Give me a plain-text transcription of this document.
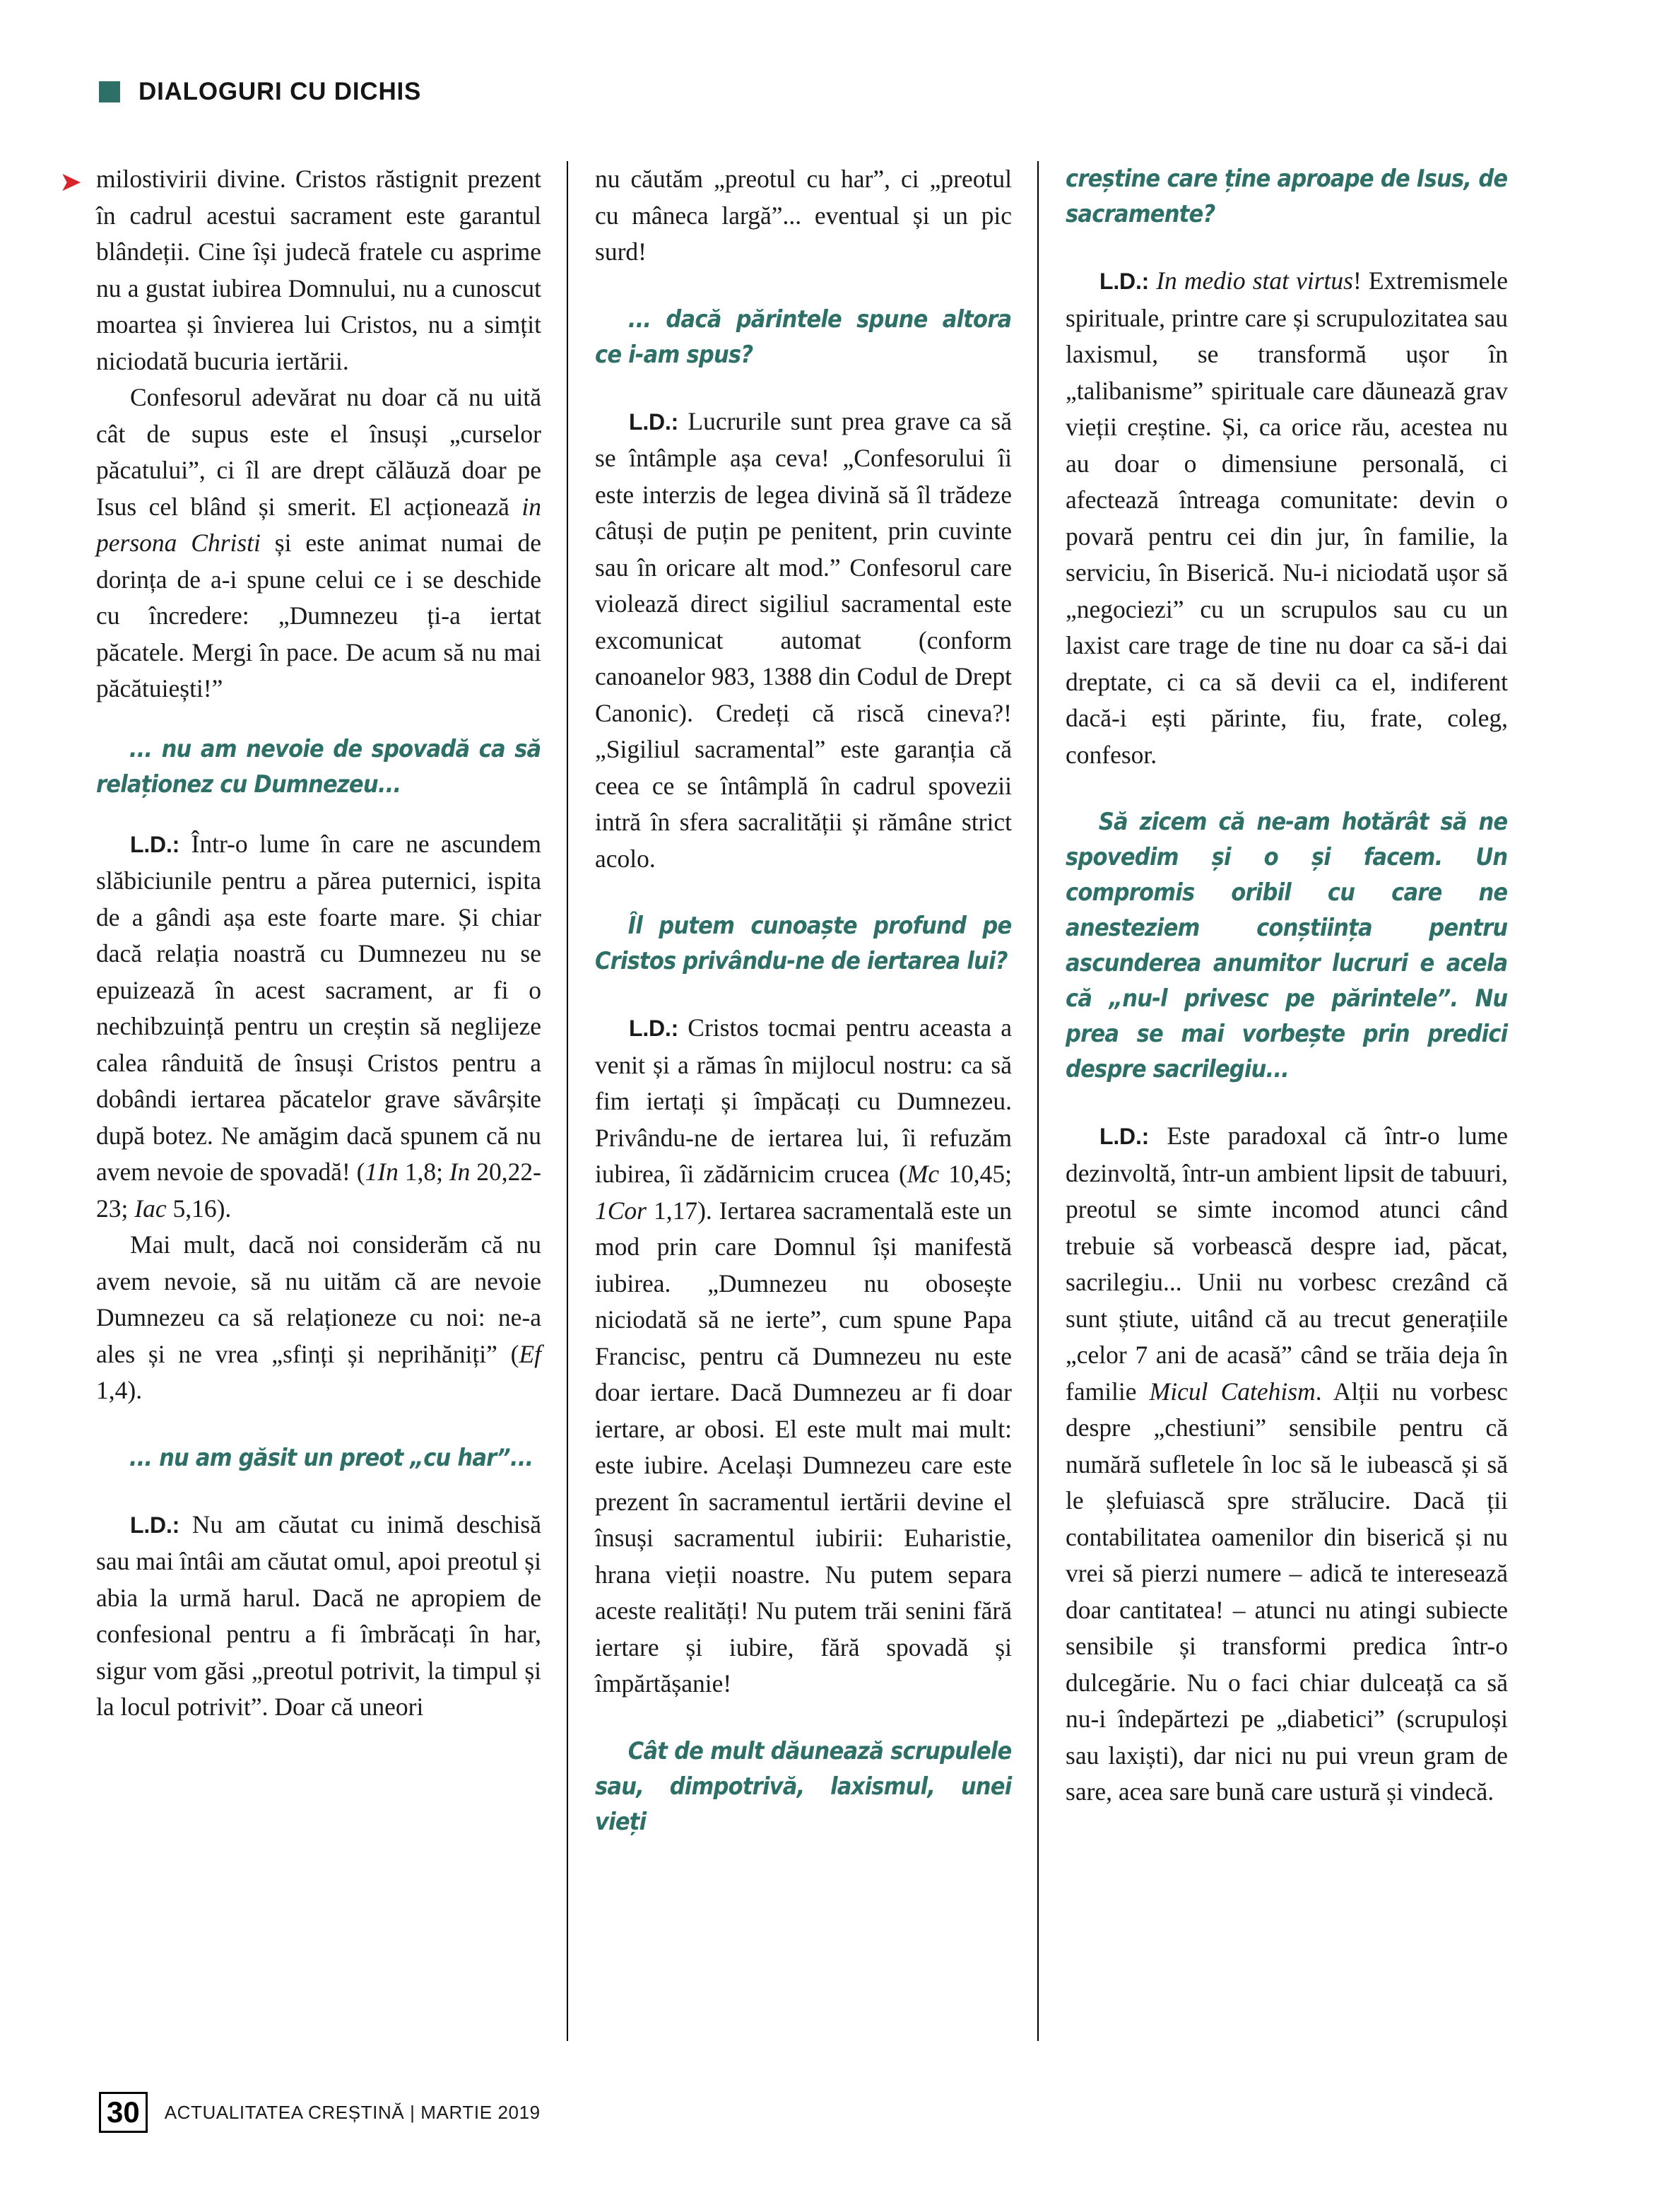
DIALOGURI CU DICHIS

➤ milostivirii divine. Cristos răstignit prezent în cadrul acestui sacrament este garantul blândeții. Cine își judecă fratele cu asprime nu a gustat iubirea Domnului, nu a cunoscut moartea și învierea lui Cristos, nu a simțit niciodată bucuria iertării.

Confesorul adevărat nu doar că nu uită cât de supus este el însuși „curselor păcatului”, ci îl are drept călăuză doar pe Isus cel blând și smerit. El acționează in persona Christi și este animat numai de dorința de a-i spune celui ce i se deschide cu încredere: „Dumnezeu ți-a iertat păcatele. Mergi în pace. De acum să nu mai păcătuiești!”

... nu am nevoie de spovadă ca să relaționez cu Dumnezeu...

L.D.: Într-o lume în care ne ascundem slăbiciunile pentru a părea puternici, ispita de a gândi așa este foarte mare. Și chiar dacă relația noastră cu Dumnezeu nu se epuizează în acest sacrament, ar fi o nechibzuință pentru un creștin să neglijeze calea rânduită de însuși Cristos pentru a dobândi iertarea păcatelor grave săvârșite după botez. Ne amăgim dacă spunem că nu avem nevoie de spovadă! (1In 1,8; In 20,22-23; Iac 5,16).

Mai mult, dacă noi considerăm că nu avem nevoie, să nu uităm că are nevoie Dumnezeu ca să relaționeze cu noi: ne-a ales și ne vrea „sfinți și neprihăniți” (Ef 1,4).

... nu am găsit un preot „cu har”...

L.D.: Nu am căutat cu inimă deschisă sau mai întâi am căutat omul, apoi preotul și abia la urmă harul. Dacă ne apropiem de confesional pentru a fi îmbrăcați în har, sigur vom găsi „preotul potrivit, la timpul și la locul potrivit”. Doar că uneori

nu căutăm „preotul cu har”, ci „preotul cu mâneca largă”... eventual și un pic surd!

... dacă părintele spune altora ce i-am spus?

L.D.: Lucrurile sunt prea grave ca să se întâmple așa ceva! „Confesorului îi este interzis de legea divină să îl trădeze câtuși de puțin pe penitent, prin cuvinte sau în oricare alt mod.” Confesorul care violează direct sigiliul sacramental este excomunicat automat (conform canoanelor 983, 1388 din Codul de Drept Canonic). Credeți că riscă cineva?! „Sigiliul sacramental” este garanția că ceea ce se întâmplă în cadrul spovezii intră în sfera sacralității și rămâne strict acolo.

Îl putem cunoaște profund pe Cristos privându-ne de iertarea lui?

L.D.: Cristos tocmai pentru aceasta a venit și a rămas în mijlocul nostru: ca să fim iertați și împăcați cu Dumnezeu. Privându-ne de iertarea lui, îi refuzăm iubirea, îi zădărnicim crucea (Mc 10,45; 1Cor 1,17). Iertarea sacramentală este un mod prin care Domnul își manifestă iubirea. „Dumnezeu nu obosește niciodată să ne ierte”, cum spune Papa Francisc, pentru că Dumnezeu nu este doar iertare. Dacă Dumnezeu ar fi doar iertare, ar obosi. El este mult mai mult: este iubire. Același Dumnezeu care este prezent în sacramentul iertării devine el însuși sacramentul iubirii: Euharistie, hrana vieții noastre. Nu putem separa aceste realități! Nu putem trăi senini fără iertare și iubire, fără spovadă și împărtășanie!

Cât de mult dăunează scrupulele sau, dimpotrivă, laxismul, unei vieți

creștine care ține aproape de Isus, de sacramente?

L.D.: In medio stat virtus! Extremismele spirituale, printre care și scrupulozitatea sau laxismul, se transformă ușor în „talibanisme” spirituale care dăunează grav vieții creștine. Și, ca orice rău, acestea nu au doar o dimensiune personală, ci afectează întreaga comunitate: devin o povară pentru cei din jur, în familie, la serviciu, în Biserică. Nu-i niciodată ușor să „negociezi” cu un scrupulos sau cu un laxist care trage de tine nu doar ca să-i dai dreptate, ci ca să devii ca el, indiferent dacă-i ești părinte, fiu, frate, coleg, confesor.

Să zicem că ne-am hotărât să ne spovedim și o și facem. Un compromis oribil cu care ne anesteziem conștiința pentru ascunderea anumitor lucruri e acela că „nu-l privesc pe părintele”. Nu prea se mai vorbește prin predici despre sacrilegiu...

L.D.: Este paradoxal că într-o lume dezinvoltă, într-un ambient lipsit de tabuuri, preotul se simte incomod atunci când trebuie să vorbească despre iad, păcat, sacrilegiu... Unii nu vorbesc crezând că sunt știute, uitând că au trecut generațiile „celor 7 ani de acasă” când se trăia deja în familie Micul Catehism. Alții nu vorbesc despre „chestiuni” sensibile pentru că numără sufletele în loc să le iubească și să le șlefuiască spre strălucire. Dacă ții contabilitatea oamenilor din biserică și nu vrei să pierzi numere – adică te interesează doar cantitatea! – atunci nu atingi subiecte sensibile și transformi predica într-o dulcegărie. Nu o faci chiar dulceață ca să nu-i îndepărtezi pe „diabetici” (scrupuloși sau laxiști), dar nici nu pui vreun gram de sare, acea sare bună care ustură și vindecă.

30 ACTUALITATEA CREȘTINĂ | MARTIE 2019
